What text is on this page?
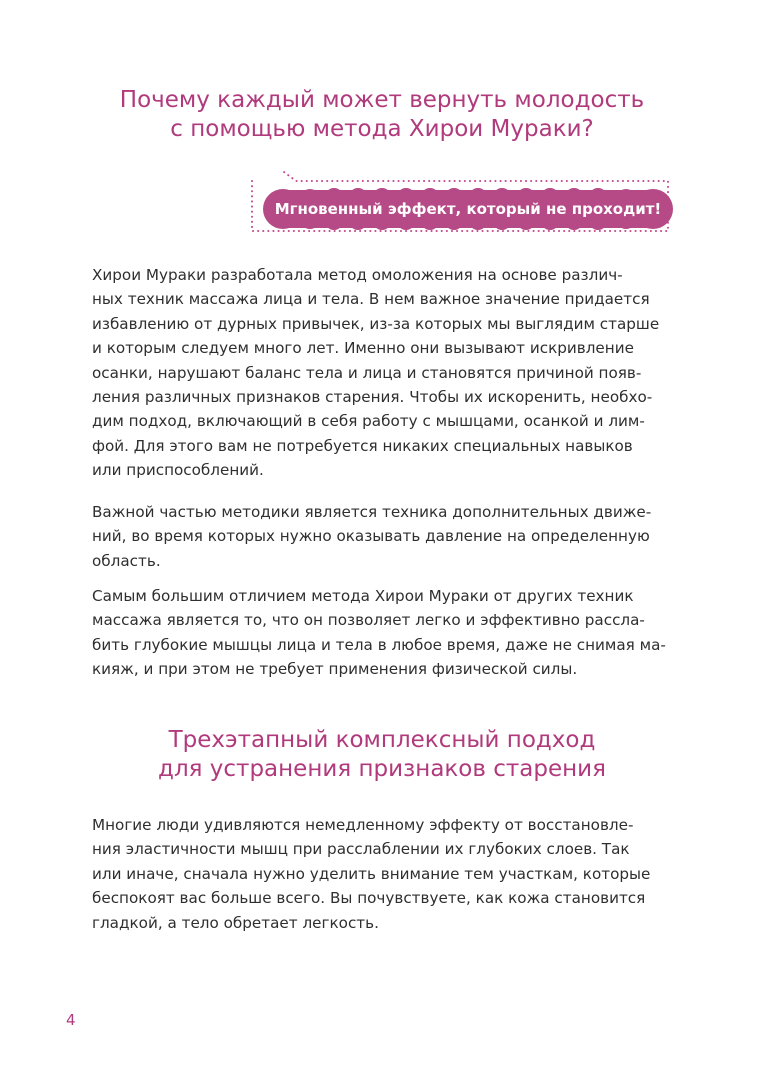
Почему каждый может вернуть молодость
с помощью метода Хирои Мураки?
Мгновенный эффект, который не проходит!

Хирои Мураки разработала метод омоложения на основе различ-
ных техник массажа лица и тела. В нем важное значение придается
избавлению от дурных привычек, из-за которых мы выглядим старше
и которым следуем много лет. Именно они вызывают искривление
осанки, нарушают баланс тела и лица и становятся причиной появ-
ления различных признаков старения. Чтобы их искоренить, необхо-
дим подход, включающий в себя работу с мышцами, осанкой и лим-
фой. Для этого вам не потребуется никаких специальных навыков
или приспособлений.

Важной частью методики является техника дополнительных движе-
ний, во время которых нужно оказывать давление на определенную
область.

Самым большим отличием метода Хирои Мураки от других техник
массажа является то, что он позволяет легко и эффективно рассла-
бить глубокие мышцы лица и тела в любое время, даже не снимая ма-
кияж, и при этом не требует применения физической силы.

Трехэтапный комплексный подход
для устранения признаков старения

Многие люди удивляются немедленному эффекту от восстановле-
ния эластичности мышц при расслаблении их глубоких слоев. Так
или иначе, сначала нужно уделить внимание тем участкам, которые
беспокоят вас больше всего. Вы почувствуете, как кожа становится
гладкой, а тело обретает легкость.

4
